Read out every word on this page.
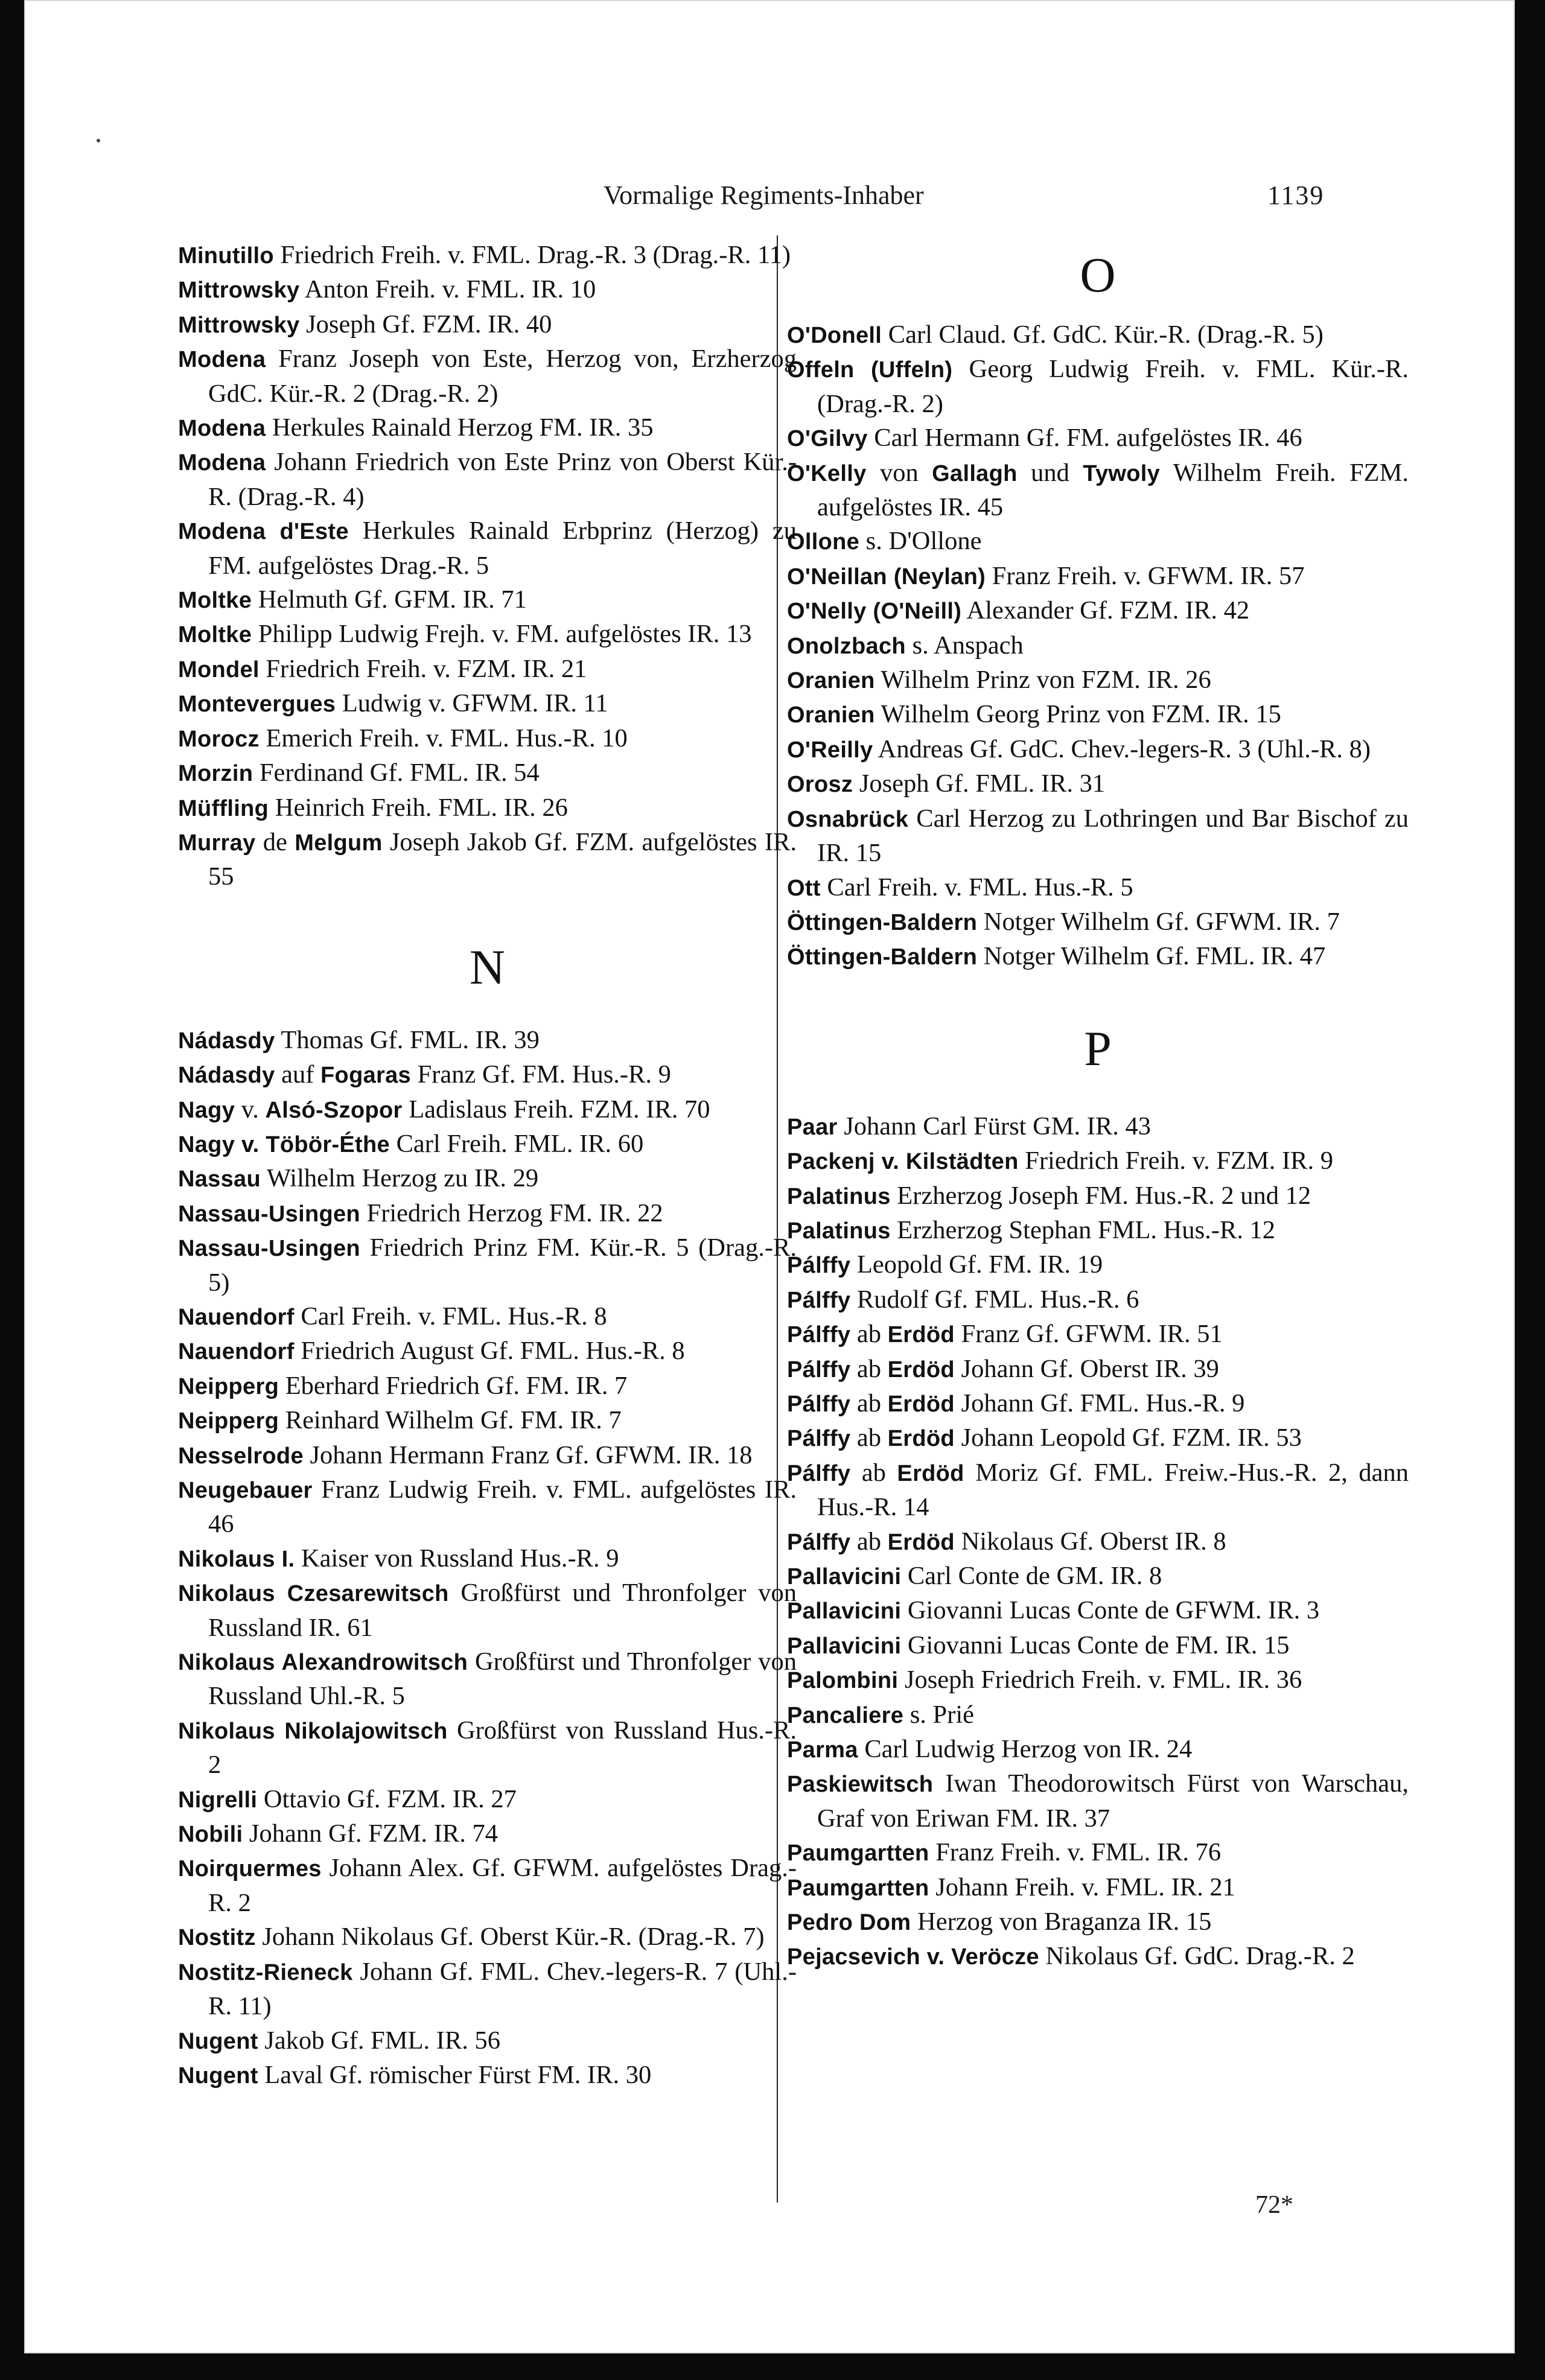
Vormalige Regiments-Inhaber	1139
Minutillo Friedrich Freih. v. FML. Drag.-R. 3 (Drag.-R. 11)
Mittrowsky Anton Freih. v. FML. IR. 10
Mittrowsky Joseph Gf. FZM. IR. 40
Modena Franz Joseph von Este, Herzog von, Erzherzog GdC. Kür.-R. 2 (Drag.-R. 2)
Modena Herkules Rainald Herzog FM. IR. 35
Modena Johann Friedrich von Este Prinz von Oberst Kür.-R. (Drag.-R. 4)
Modena d'Este Herkules Rainald Erbprinz (Herzog) zu FM. aufgelöstes Drag.-R. 5
Moltke Helmuth Gf. GFM. IR. 71
Moltke Philipp Ludwig Frejh. v. FM. aufgelöstes IR. 13
Mondel Friedrich Freih. v. FZM. IR. 21
Montevergues Ludwig v. GFWM. IR. 11
Morocz Emerich Freih. v. FML. Hus.-R. 10
Morzin Ferdinand Gf. FML. IR. 54
Müffling Heinrich Freih. FML. IR. 26
Murray de Melgum Joseph Jakob Gf. FZM. aufgelöstes IR. 55
N
Nádasdy Thomas Gf. FML. IR. 39
Nádasdy auf Fogaras Franz Gf. FM. Hus.-R. 9
Nagy v. Alsó-Szopor Ladislaus Freih. FZM. IR. 70
Nagy v. Töbör-Éthe Carl Freih. FML. IR. 60
Nassau Wilhelm Herzog zu IR. 29
Nassau-Usingen Friedrich Herzog FM. IR. 22
Nassau-Usingen Friedrich Prinz FM. Kür.-R. 5 (Drag.-R. 5)
Nauendorf Carl Freih. v. FML. Hus.-R. 8
Nauendorf Friedrich August Gf. FML. Hus.-R. 8
Neipperg Eberhard Friedrich Gf. FM. IR. 7
Neipperg Reinhard Wilhelm Gf. FM. IR. 7
Nesselrode Johann Hermann Franz Gf. GFWM. IR. 18
Neugebauer Franz Ludwig Freih. v. FML. aufgelöstes IR. 46
Nikolaus I. Kaiser von Russland Hus.-R. 9
Nikolaus Czesarewitsch Großfürst und Thronfolger von Russland IR. 61
Nikolaus Alexandrowitsch Großfürst und Thronfolger von Russland Uhl.-R. 5
Nikolaus Nikolajowitsch Großfürst von Russland Hus.-R. 2
Nigrelli Ottavio Gf. FZM. IR. 27
Nobili Johann Gf. FZM. IR. 74
Noirquermes Johann Alex. Gf. GFWM. aufgelöstes Drag.-R. 2
Nostitz Johann Nikolaus Gf. Oberst Kür.-R. (Drag.-R. 7)
Nostitz-Rieneck Johann Gf. FML. Chev.-legers-R. 7 (Uhl.-R. 11)
Nugent Jakob Gf. FML. IR. 56
Nugent Laval Gf. römischer Fürst FM. IR. 30
O
O'Donell Carl Claud. Gf. GdC. Kür.-R. (Drag.-R. 5)
Offeln (Uffeln) Georg Ludwig Freih. v. FML. Kür.-R. (Drag.-R. 2)
O'Gilvy Carl Hermann Gf. FM. aufgelöstes IR. 46
O'Kelly von Gallagh und Tywoly Wilhelm Freih. FZM. aufgelöstes IR. 45
Ollone s. D'Ollone
O'Neillan (Neylan) Franz Freih. v. GFWM. IR. 57
O'Nelly (O'Neill) Alexander Gf. FZM. IR. 42
Onolzbach s. Anspach
Oranien Wilhelm Prinz von FZM. IR. 26
Oranien Wilhelm Georg Prinz von FZM. IR. 15
O'Reilly Andreas Gf. GdC. Chev.-legers-R. 3 (Uhl.-R. 8)
Orosz Joseph Gf. FML. IR. 31
Osnabrück Carl Herzog zu Lothringen und Bar Bischof zu IR. 15
Ott Carl Freih. v. FML. Hus.-R. 5
Öttingen-Baldern Notger Wilhelm Gf. GFWM. IR. 7
Öttingen-Baldern Notger Wilhelm Gf. FML. IR. 47
P
Paar Johann Carl Fürst GM. IR. 43
Packenj v. Kilstädten Friedrich Freih. v. FZM. IR. 9
Palatinus Erzherzog Joseph FM. Hus.-R. 2 und 12
Palatinus Erzherzog Stephan FML. Hus.-R. 12
Pálffy Leopold Gf. FM. IR. 19
Pálffy Rudolf Gf. FML. Hus.-R. 6
Pálffy ab Erdöd Franz Gf. GFWM. IR. 51
Pálffy ab Erdöd Johann Gf. Oberst IR. 39
Pálffy ab Erdöd Johann Gf. FML. Hus.-R. 9
Pálffy ab Erdöd Johann Leopold Gf. FZM. IR. 53
Pálffy ab Erdöd Moriz Gf. FML. Freiw.-Hus.-R. 2, dann Hus.-R. 14
Pálffy ab Erdöd Nikolaus Gf. Oberst IR. 8
Pallavicini Carl Conte de GM. IR. 8
Pallavicini Giovanni Lucas Conte de GFWM. IR. 3
Pallavicini Giovanni Lucas Conte de FM. IR. 15
Palombini Joseph Friedrich Freih. v. FML. IR. 36
Pancaliere s. Prié
Parma Carl Ludwig Herzog von IR. 24
Paskiewitsch Iwan Theodorowitsch Fürst von Warschau, Graf von Eriwan FM. IR. 37
Paumgartten Franz Freih. v. FML. IR. 76
Paumgartten Johann Freih. v. FML. IR. 21
Pedro Dom Herzog von Braganza IR. 15
Pejacsevich v. Veröcze Nikolaus Gf. GdC. Drag.-R. 2
72*
